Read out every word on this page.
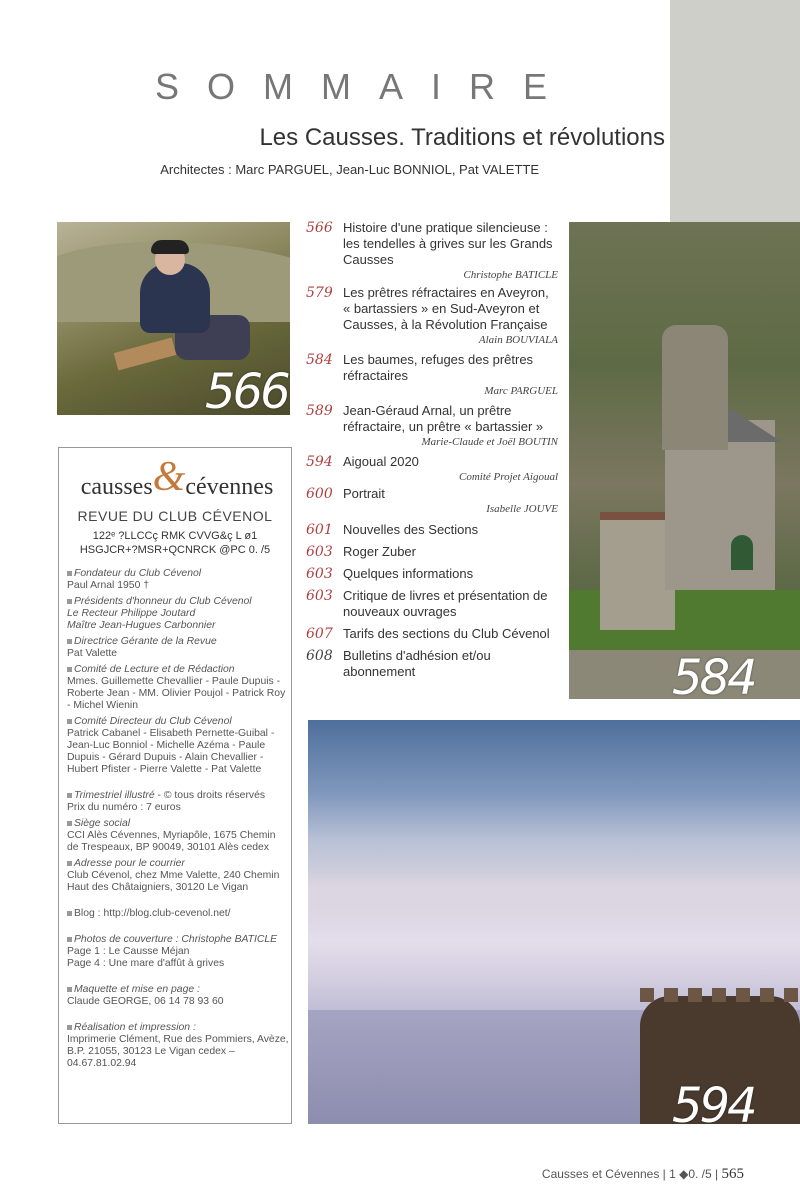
SOMMAIRE
Les Causses. Traditions et révolutions
Architectes : Marc PARGUEL, Jean-Luc BONNIOL, Pat VALETTE
566
584
594
566 Histoire d'une pratique silencieuse : les tendelles à grives sur les Grands Causses
Christophe BATICLE
579 Les prêtres réfractaires en Aveyron, « bartassiers » en Sud-Aveyron et Causses, à la Révolution Française
Alain BOUVIALA
584 Les baumes, refuges des prêtres réfractaires
Marc PARGUEL
589 Jean-Géraud Arnal, un prêtre réfractaire, un prêtre « bartassier »
Marie-Claude et Joël BOUTIN
594 Aigoual 2020
Comité Projet Aigoual
600 Portrait
Isabelle JOUVE
601 Nouvelles des Sections
603 Roger Zuber
603 Quelques informations
603 Critique de livres et présentation de nouveaux ouvrages
607 Tarifs des sections du Club Cévenol
608 Bulletins d'adhésion et/ou abonnement
causses&cévennes
REVUE DU CLUB CÉVENOL
122ᵉ ?LLCCç RMK CVVG&ç L ø1
HSGJCR+?MSR+QCNRCK @PC 0. /5
Fondateur du Club Cévenol
Paul Arnal 1950 †
Présidents d'honneur du Club Cévenol
Le Recteur Philippe Joutard
Maître Jean-Hugues Carbonnier
Directrice Gérante de la Revue
Pat Valette
Comité de Lecture et de Rédaction
Mmes. Guillemette Chevallier - Paule Dupuis - Roberte Jean - MM. Olivier Poujol - Patrick Roy - Michel Wienin
Comité Directeur du Club Cévenol
Patrick Cabanel - Elisabeth Pernette-Guibal - Jean-Luc Bonniol - Michelle Azéma - Paule Dupuis - Gérard Dupuis - Alain Chevallier - Hubert Pfister - Pierre Valette - Pat Valette
Trimestriel illustré - © tous droits réservés
Prix du numéro : 7 euros
Siège social
CCI Alès Cévennes, Myriapôle, 1675 Chemin de Trespeaux, BP 90049, 30101 Alès cedex
Adresse pour le courrier
Club Cévenol, chez Mme Valette, 240 Chemin Haut des Châtaigniers, 30120 Le Vigan
Blog : http://blog.club-cevenol.net/
Photos de couverture : Christophe BATICLE
Page 1 : Le Causse Méjan
Page 4 : Une mare d'affût à grives
Maquette et mise en page :
Claude GEORGE, 06 14 78 93 60
Réalisation et impression :
Imprimerie Clément, Rue des Pommiers, Avèze, B.P. 21055, 30123 Le Vigan cedex – 04.67.81.02.94
Causses et Cévennes | 1 ◆0. /5 | 565
